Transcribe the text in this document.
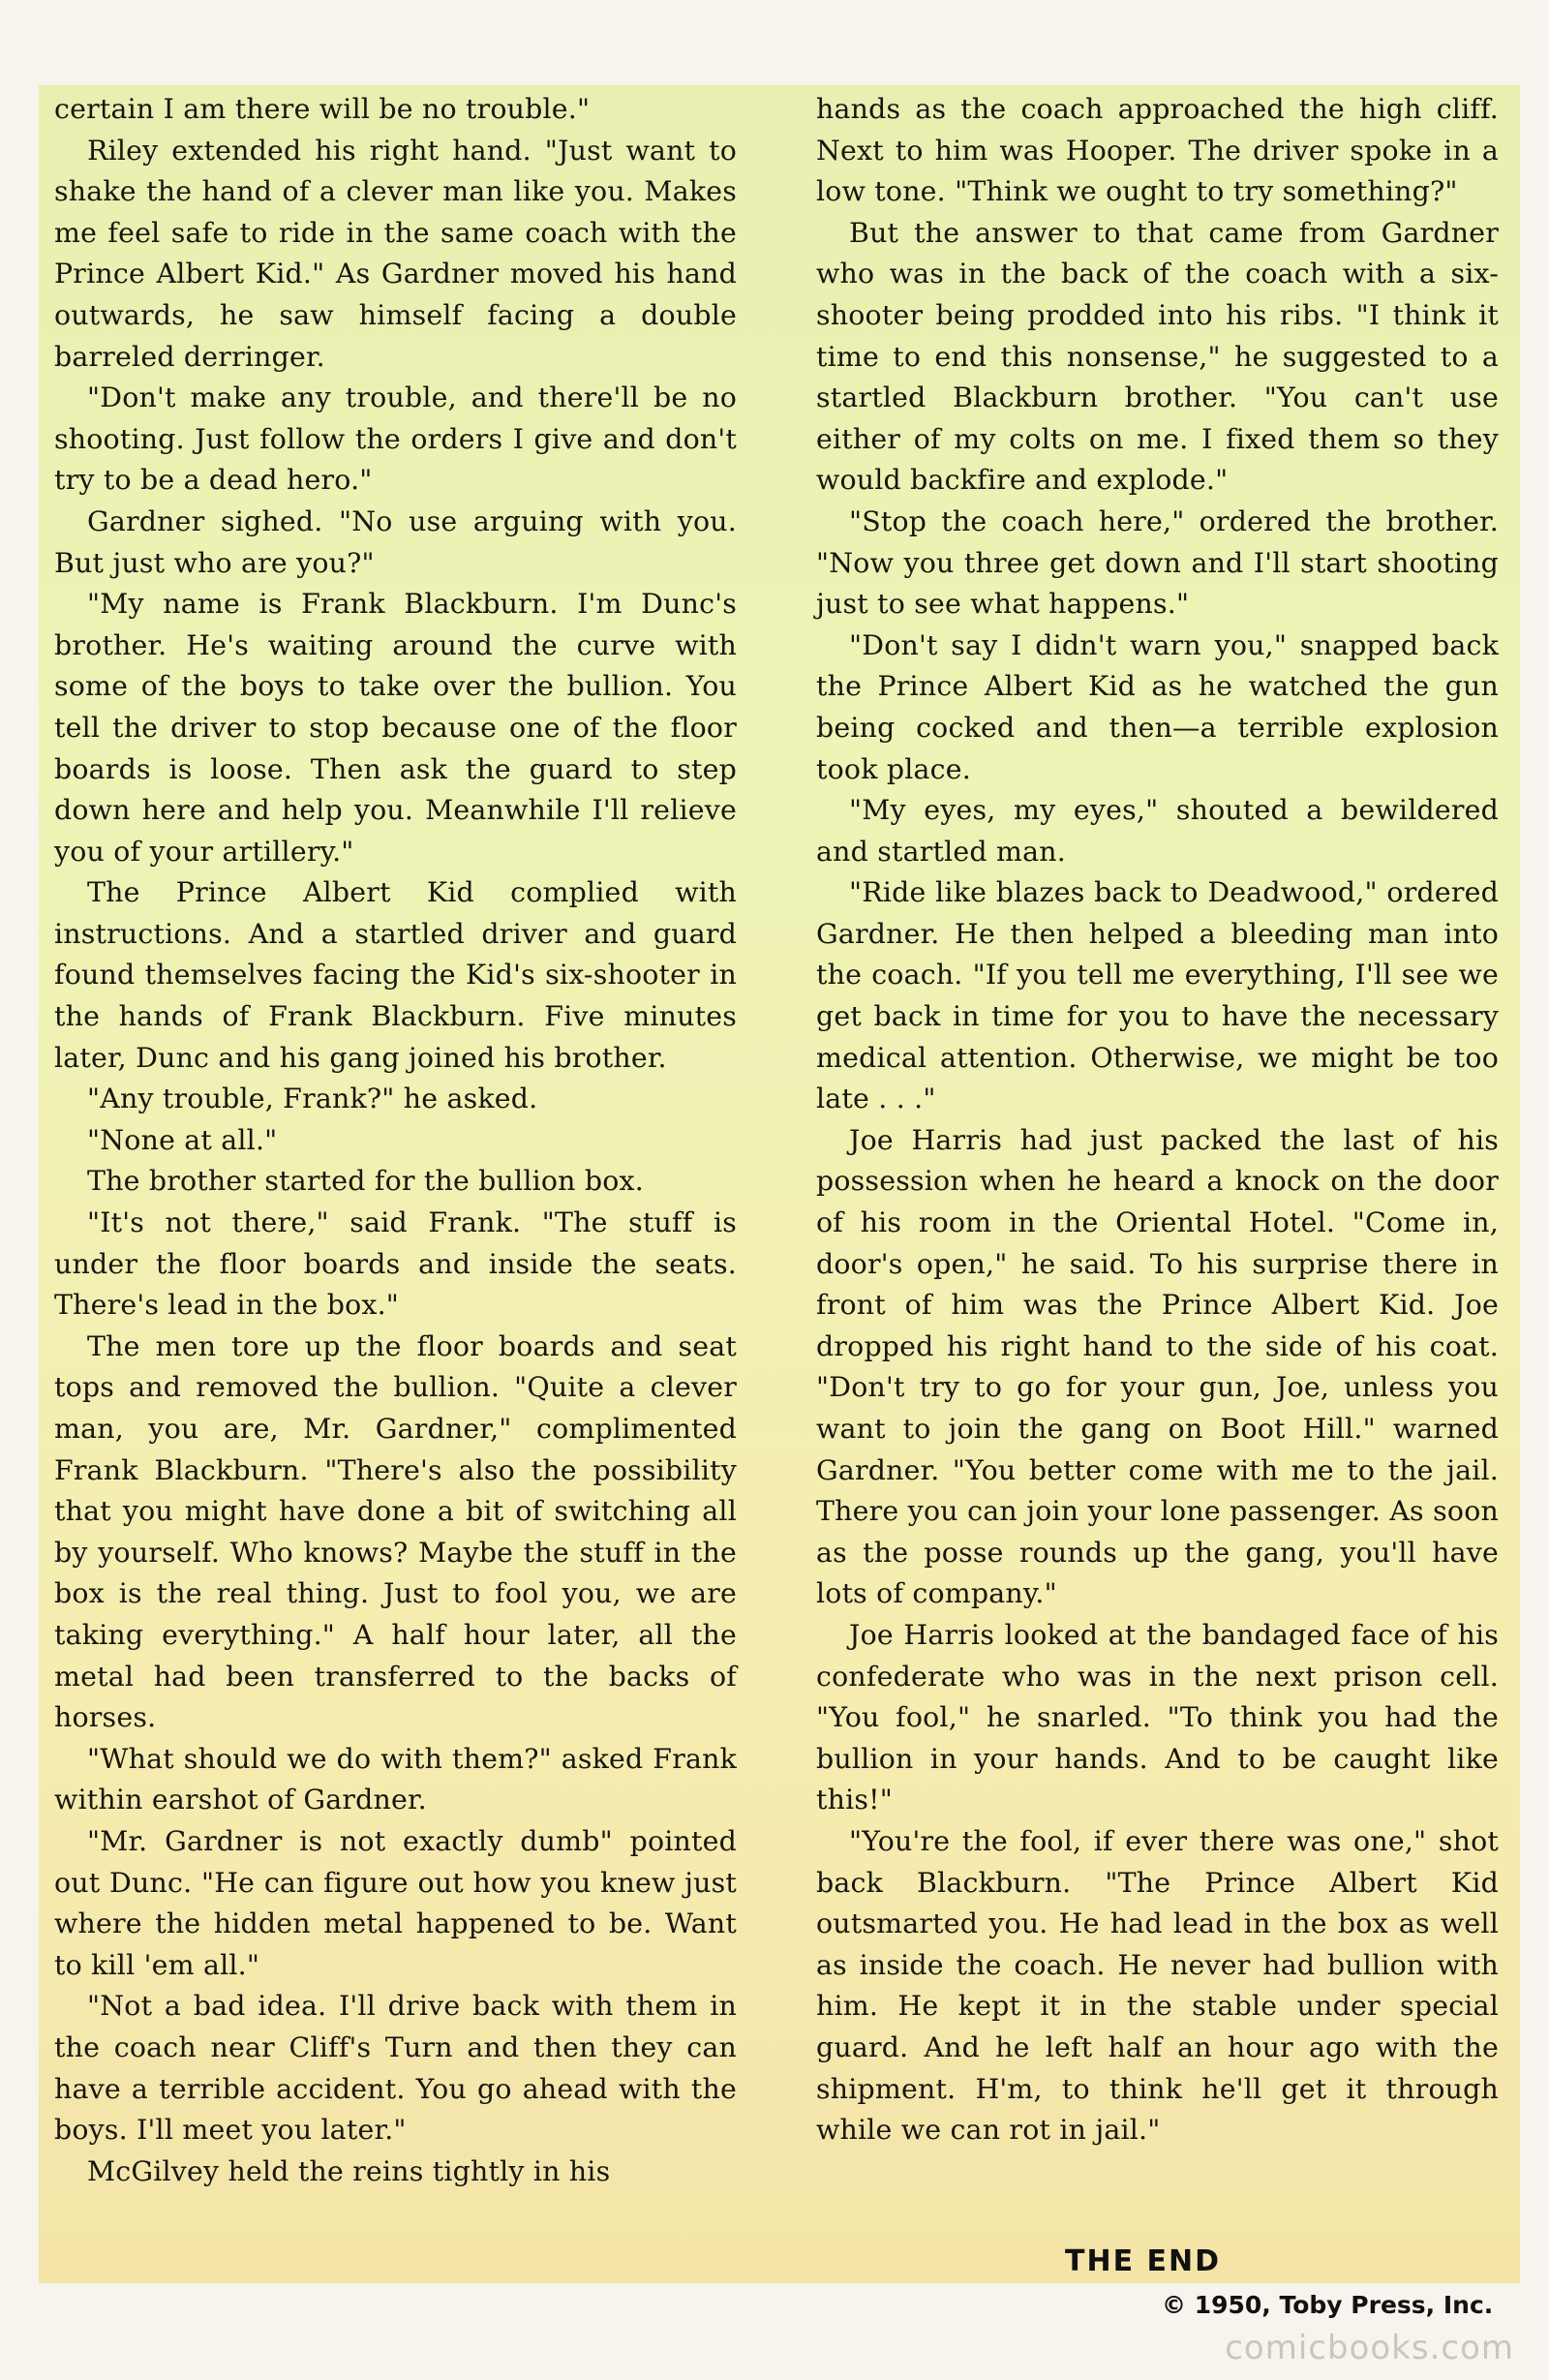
certain I am there will be no trouble."

Riley extended his right hand. "Just want to shake the hand of a clever man like you. Makes me feel safe to ride in the same coach with the Prince Albert Kid." As Gardner moved his hand outwards, he saw himself facing a double barreled derringer.

"Don't make any trouble, and there'll be no shooting. Just follow the orders I give and don't try to be a dead hero."

Gardner sighed. "No use arguing with you. But just who are you?"

"My name is Frank Blackburn. I'm Dunc's brother. He's waiting around the curve with some of the boys to take over the bullion. You tell the driver to stop because one of the floor boards is loose. Then ask the guard to step down here and help you. Meanwhile I'll relieve you of your artillery."

The Prince Albert Kid complied with instructions. And a startled driver and guard found themselves facing the Kid's six-shooter in the hands of Frank Blackburn. Five minutes later, Dunc and his gang joined his brother.

"Any trouble, Frank?" he asked.

"None at all."

The brother started for the bullion box.

"It's not there," said Frank. "The stuff is under the floor boards and inside the seats. There's lead in the box."

The men tore up the floor boards and seat tops and removed the bullion. "Quite a clever man, you are, Mr. Gardner," complimented Frank Blackburn. "There's also the possibility that you might have done a bit of switching all by yourself. Who knows? Maybe the stuff in the box is the real thing. Just to fool you, we are taking everything." A half hour later, all the metal had been transferred to the backs of horses.

"What should we do with them?" asked Frank within earshot of Gardner.

"Mr. Gardner is not exactly dumb" pointed out Dunc. "He can figure out how you knew just where the hidden metal happened to be. Want to kill 'em all."

"Not a bad idea. I'll drive back with them in the coach near Cliff's Turn and then they can have a terrible accident. You go ahead with the boys. I'll meet you later."

McGilvey held the reins tightly in his

hands as the coach approached the high cliff. Next to him was Hooper. The driver spoke in a low tone. "Think we ought to try something?"

But the answer to that came from Gardner who was in the back of the coach with a six-shooter being prodded into his ribs. "I think it time to end this nonsense," he suggested to a startled Blackburn brother. "You can't use either of my colts on me. I fixed them so they would backfire and explode."

"Stop the coach here," ordered the brother. "Now you three get down and I'll start shooting just to see what happens."

"Don't say I didn't warn you," snapped back the Prince Albert Kid as he watched the gun being cocked and then—a terrible explosion took place.

"My eyes, my eyes," shouted a bewildered and startled man.

"Ride like blazes back to Deadwood," ordered Gardner. He then helped a bleeding man into the coach. "If you tell me everything, I'll see we get back in time for you to have the necessary medical attention. Otherwise, we might be too late . . ."

Joe Harris had just packed the last of his possession when he heard a knock on the door of his room in the Oriental Hotel. "Come in, door's open," he said. To his surprise there in front of him was the Prince Albert Kid. Joe dropped his right hand to the side of his coat. "Don't try to go for your gun, Joe, unless you want to join the gang on Boot Hill." warned Gardner. "You better come with me to the jail. There you can join your lone passenger. As soon as the posse rounds up the gang, you'll have lots of company."

Joe Harris looked at the bandaged face of his confederate who was in the next prison cell. "You fool," he snarled. "To think you had the bullion in your hands. And to be caught like this!"

"You're the fool, if ever there was one," shot back Blackburn. "The Prince Albert Kid outsmarted you. He had lead in the box as well as inside the coach. He never had bullion with him. He kept it in the stable under special guard. And he left half an hour ago with the shipment. H'm, to think he'll get it through while we can rot in jail."

THE END
© 1950, Toby Press, Inc.
comicbooks.com
